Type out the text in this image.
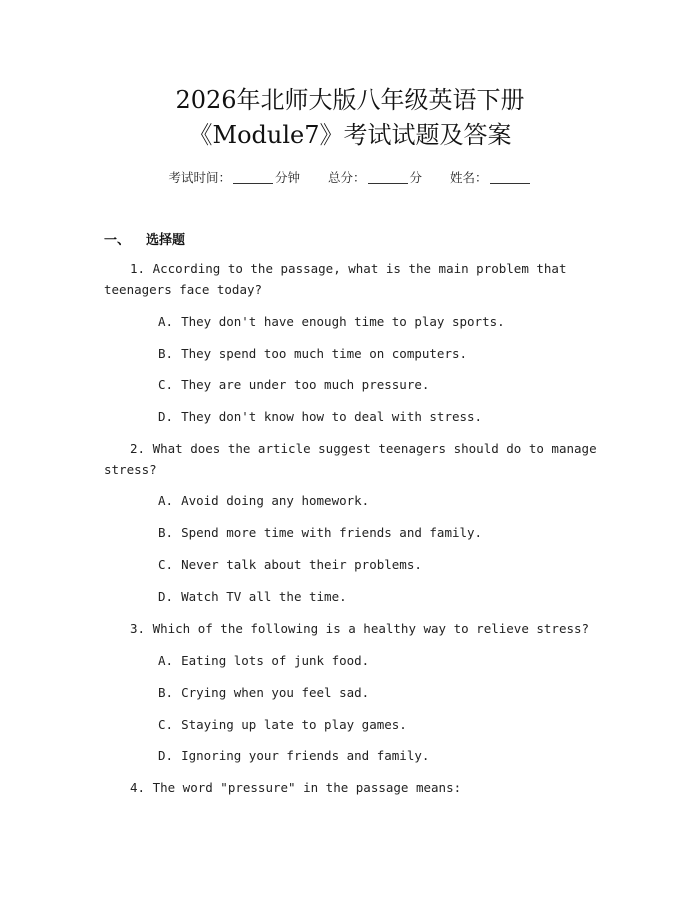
2026年北师大版八年级英语下册
《Module7》考试试题及答案
考试时间：	分钟 总分：	分 姓名：
一、 选择题
1. According to the passage, what is the main problem that teenagers face today?
A. They don't have enough time to play sports.
B. They spend too much time on computers.
C. They are under too much pressure.
D. They don't know how to deal with stress.
2. What does the article suggest teenagers should do to manage stress?
A. Avoid doing any homework.
B. Spend more time with friends and family.
C. Never talk about their problems.
D. Watch TV all the time.
3. Which of the following is a healthy way to relieve stress?
A. Eating lots of junk food.
B. Crying when you feel sad.
C. Staying up late to play games.
D. Ignoring your friends and family.
4. The word "pressure" in the passage means:
